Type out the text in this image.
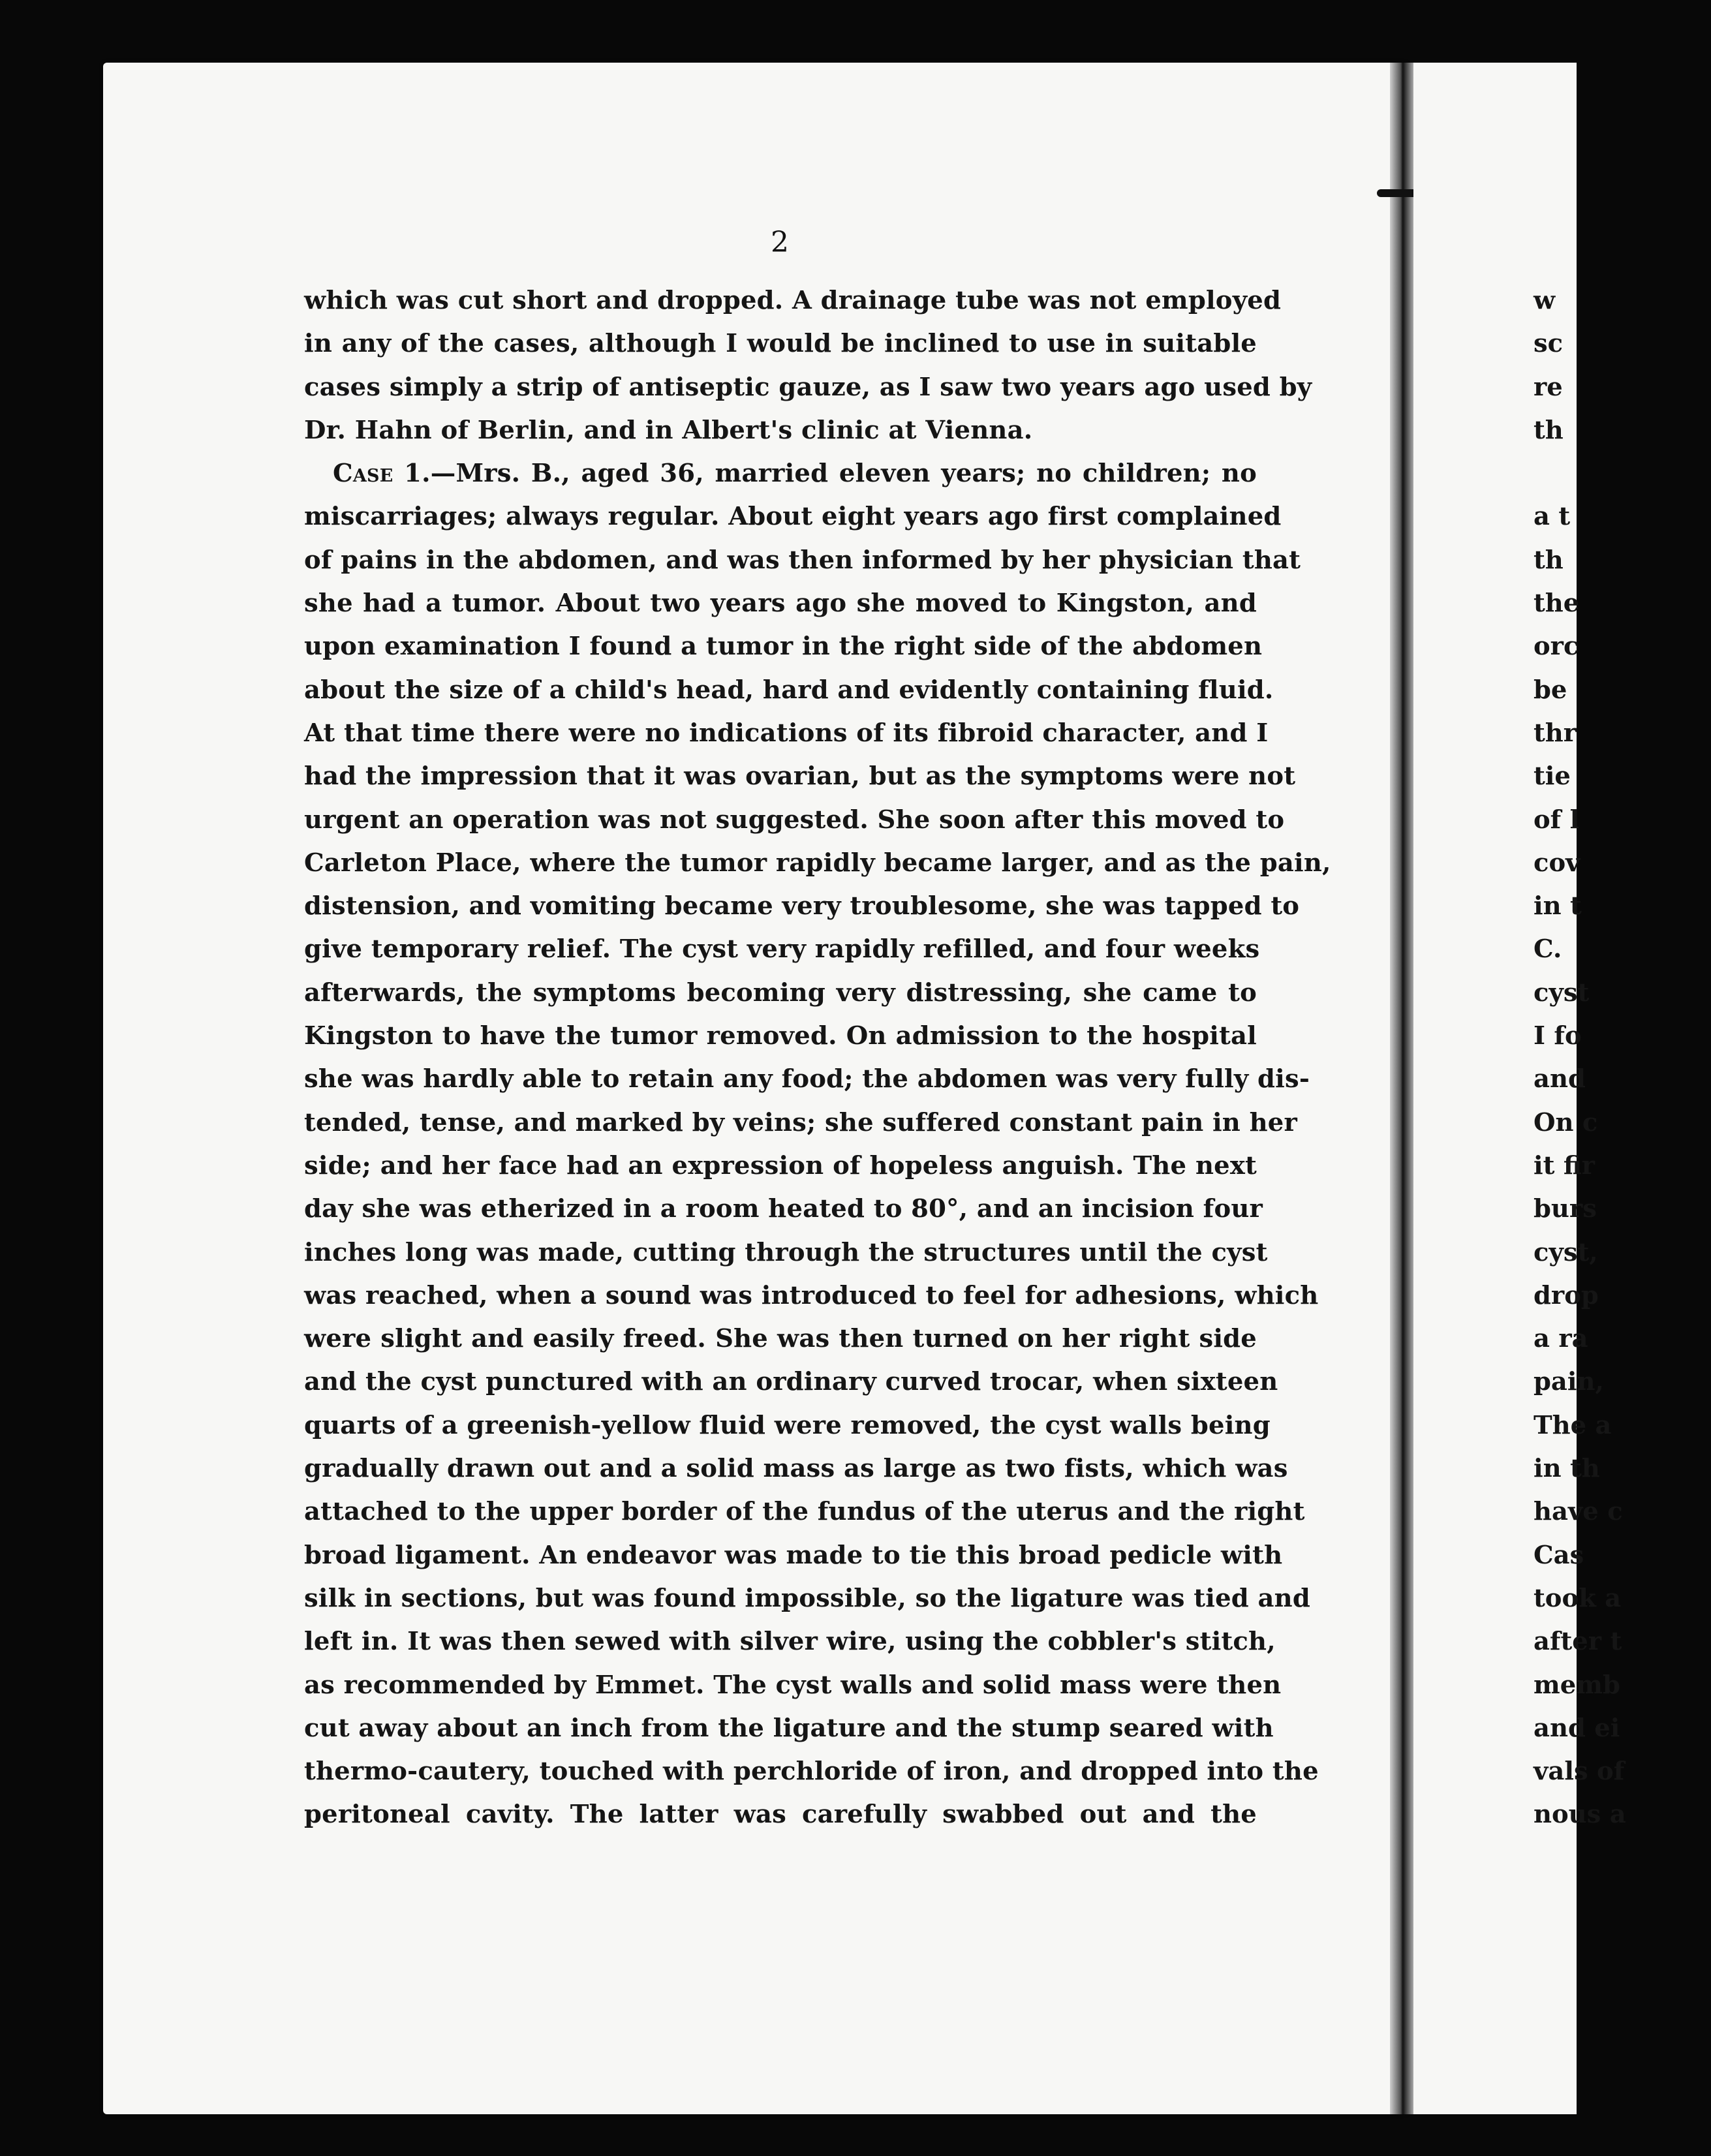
2
which was cut short and dropped. A drainage tube was not employed
in any of the cases, although I would be inclined to use in suitable
cases simply a strip of antiseptic gauze, as I saw two years ago used by
Dr. Hahn of Berlin, and in Albert's clinic at Vienna.
Case 1.—Mrs. B., aged 36, married eleven years; no children; no
miscarriages; always regular. About eight years ago first complained
of pains in the abdomen, and was then informed by her physician that
she had a tumor. About two years ago she moved to Kingston, and
upon examination I found a tumor in the right side of the abdomen
about the size of a child's head, hard and evidently containing fluid.
At that time there were no indications of its fibroid character, and I
had the impression that it was ovarian, but as the symptoms were not
urgent an operation was not suggested. She soon after this moved to
Carleton Place, where the tumor rapidly became larger, and as the pain,
distension, and vomiting became very troublesome, she was tapped to
give temporary relief. The cyst very rapidly refilled, and four weeks
afterwards, the symptoms becoming very distressing, she came to
Kingston to have the tumor removed. On admission to the hospital
she was hardly able to retain any food; the abdomen was very fully dis-
tended, tense, and marked by veins; she suffered constant pain in her
side; and her face had an expression of hopeless anguish. The next
day she was etherized in a room heated to 80°, and an incision four
inches long was made, cutting through the structures until the cyst
was reached, when a sound was introduced to feel for adhesions, which
were slight and easily freed. She was then turned on her right side
and the cyst punctured with an ordinary curved trocar, when sixteen
quarts of a greenish-yellow fluid were removed, the cyst walls being
gradually drawn out and a solid mass as large as two fists, which was
attached to the upper border of the fundus of the uterus and the right
broad ligament. An endeavor was made to tie this broad pedicle with
silk in sections, but was found impossible, so the ligature was tied and
left in. It was then sewed with silver wire, using the cobbler's stitch,
as recommended by Emmet. The cyst walls and solid mass were then
cut away about an inch from the ligature and the stump seared with
thermo-cautery, touched with perchloride of iron, and dropped into the
peritoneal cavity. The latter was carefully swabbed out and the
w
sc
re
th
a t
th
the
orc
be
thr
tie
of l
cov
in t
C.
cyst
I fo
and
On c
it fir
burs
cyst,
drop
a ra
pain,
The a
in th
have c
Cas
took a
after t
memb
and ei
vals of
nous a
